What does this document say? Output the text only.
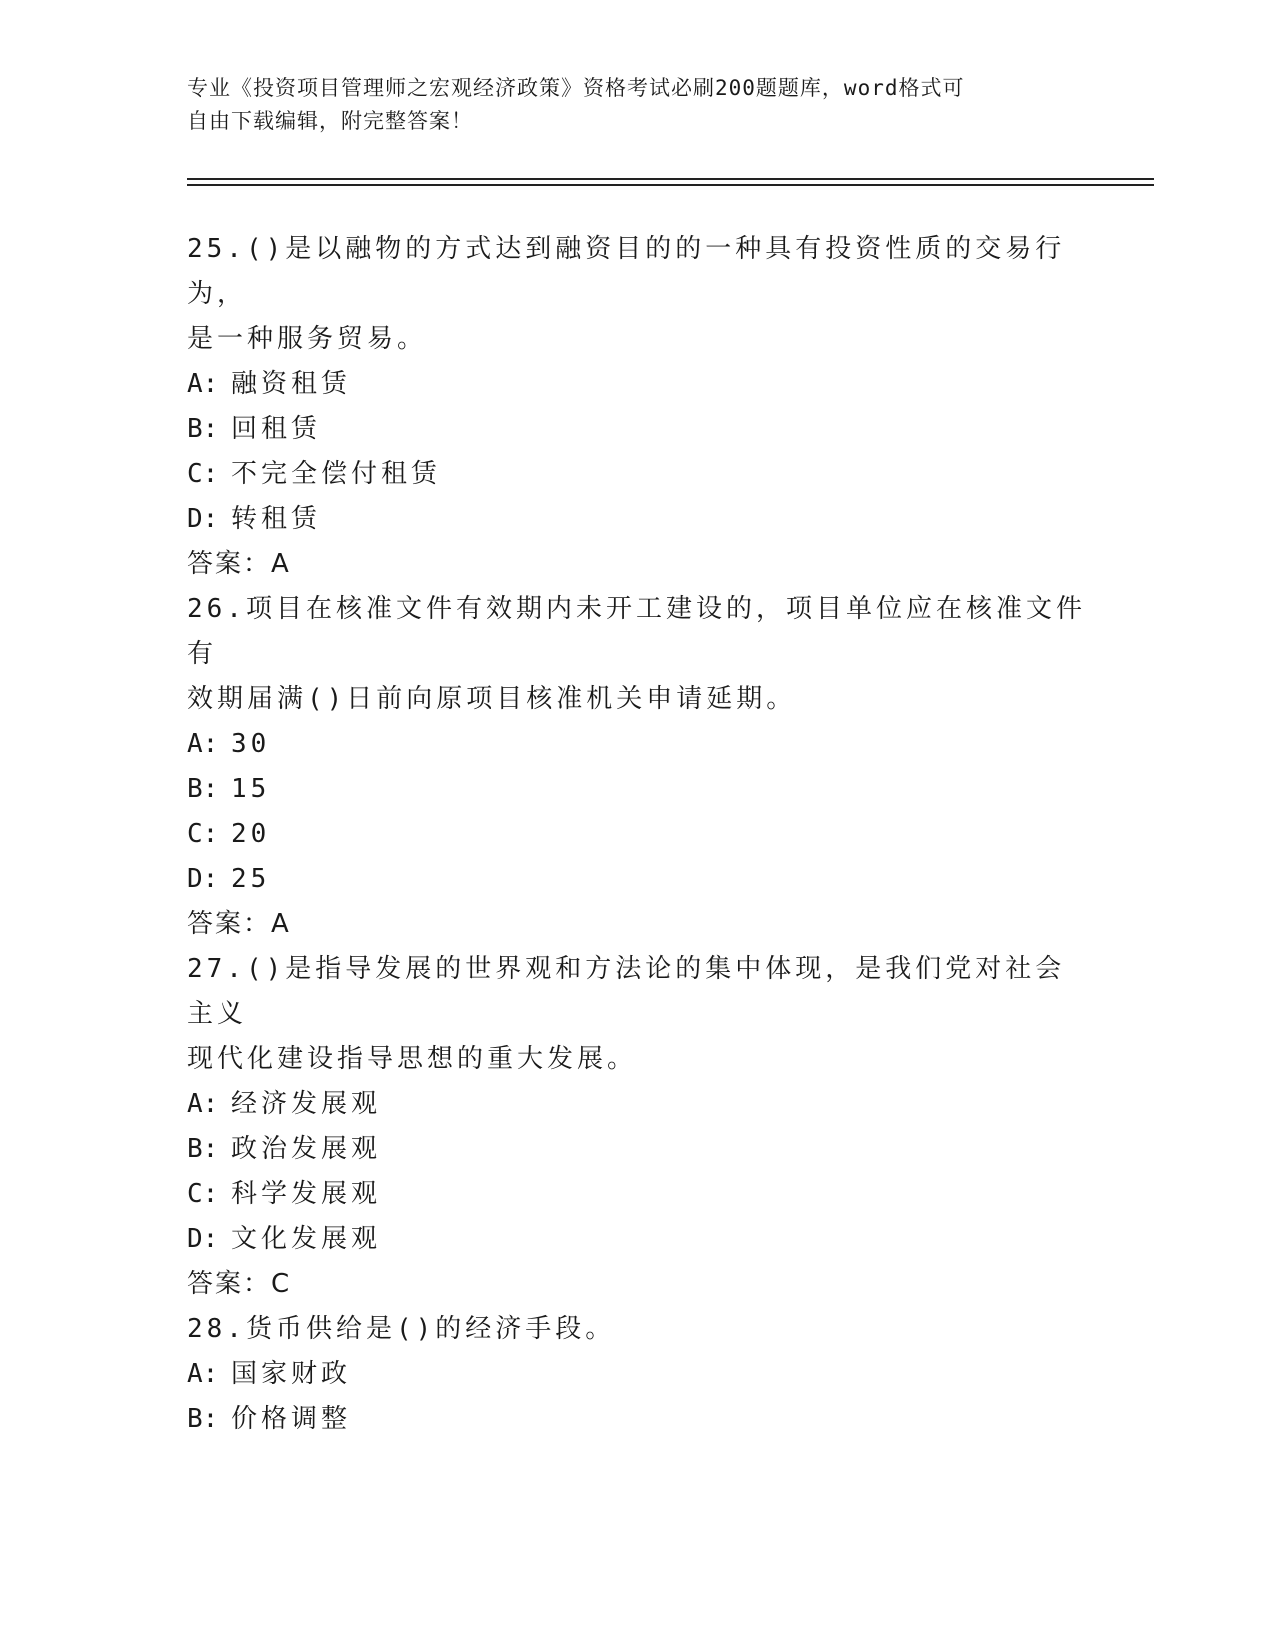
专业《投资项目管理师之宏观经济政策》资格考试必刷200题题库，word格式可
自由下载编辑，附完整答案！

25.()是以融物的方式达到融资目的的一种具有投资性质的交易行为，

是一种服务贸易。

A: 融资租赁

B: 回租赁

C: 不完全偿付租赁

D: 转租赁

答案：A

26.项目在核准文件有效期内未开工建设的，项目单位应在核准文件有

效期届满()日前向原项目核准机关申请延期。

A: 30

B: 15

C: 20

D: 25

答案：A

27.()是指导发展的世界观和方法论的集中体现，是我们党对社会主义

现代化建设指导思想的重大发展。

A: 经济发展观

B: 政治发展观

C: 科学发展观

D: 文化发展观

答案：C

28.货币供给是()的经济手段。

A: 国家财政

B: 价格调整
